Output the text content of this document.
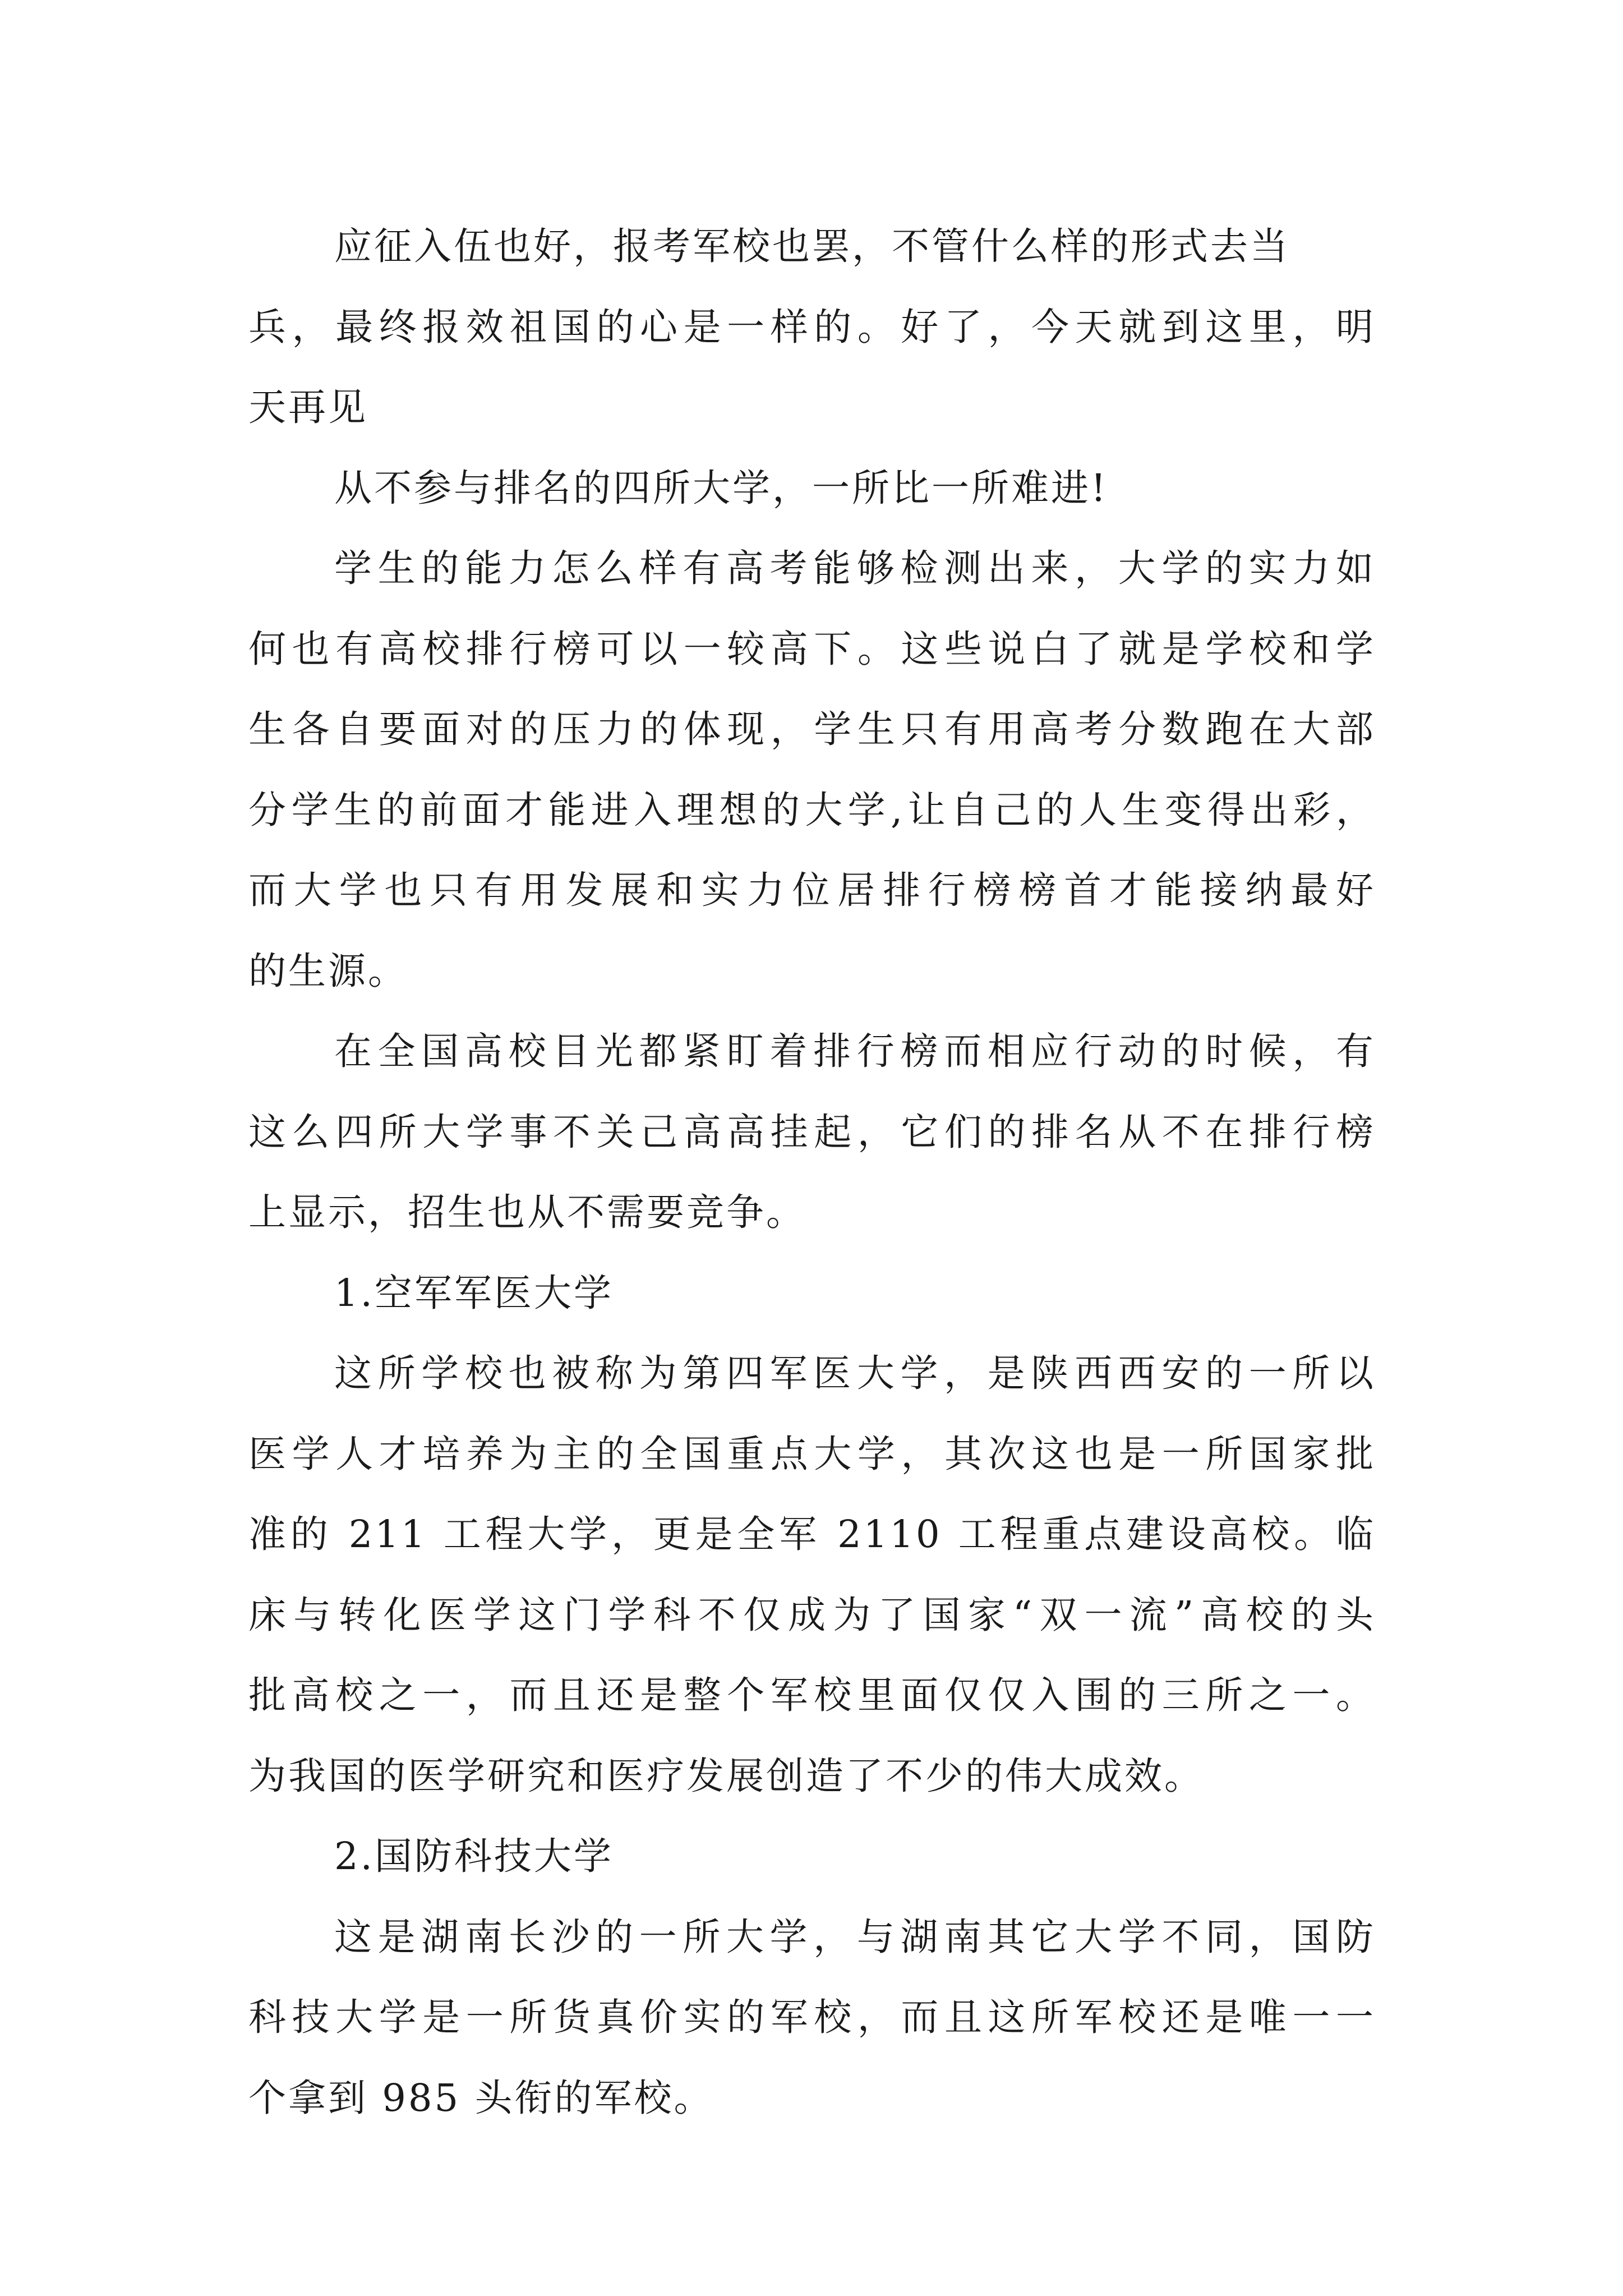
应征入伍也好，报考军校也罢，不管什么样的形式去当
兵，最终报效祖国的心是一样的。好了，今天就到这里，明
天再见
从不参与排名的四所大学，一所比一所难进!
学生的能力怎么样有高考能够检测出来，大学的实力如
何也有高校排行榜可以一较高下。这些说白了就是学校和学
生各自要面对的压力的体现，学生只有用高考分数跑在大部
分学生的前面才能进入理想的大学,让自己的人生变得出彩，
而大学也只有用发展和实力位居排行榜榜首才能接纳最好
的生源。
在全国高校目光都紧盯着排行榜而相应行动的时候，有
这么四所大学事不关己高高挂起，它们的排名从不在排行榜
上显示，招生也从不需要竞争。
1.空军军医大学
这所学校也被称为第四军医大学，是陕西西安的一所以
医学人才培养为主的全国重点大学，其次这也是一所国家批
准的 211 工程大学，更是全军 2110 工程重点建设高校。临
床与转化医学这门学科不仅成为了国家“双一流”高校的头
批高校之一，而且还是整个军校里面仅仅入围的三所之一。
为我国的医学研究和医疗发展创造了不少的伟大成效。
2.国防科技大学
这是湖南长沙的一所大学，与湖南其它大学不同，国防
科技大学是一所货真价实的军校，而且这所军校还是唯一一
个拿到 985 头衔的军校。
